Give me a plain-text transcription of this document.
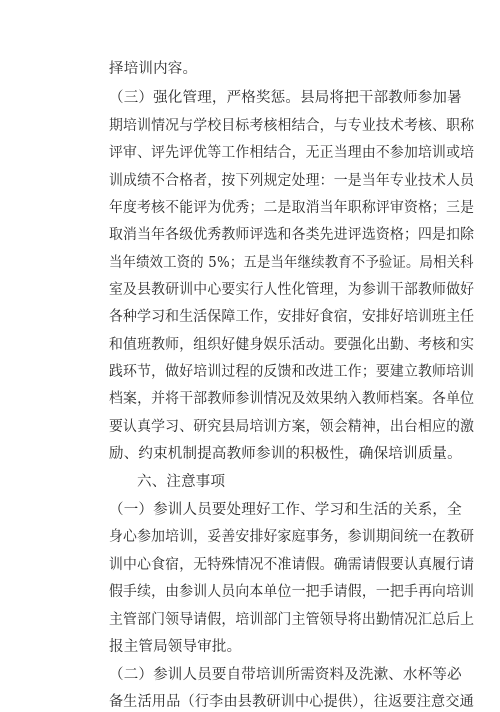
择培训内容。
（三）强化管理，严格奖惩。县局将把干部教师参加暑
期培训情况与学校目标考核相结合，与专业技术考核、职称
评审、评先评优等工作相结合，无正当理由不参加培训或培
训成绩不合格者，按下列规定处理：一是当年专业技术人员
年度考核不能评为优秀；二是取消当年职称评审资格；三是
取消当年各级优秀教师评选和各类先进评选资格；四是扣除
当年绩效工资的 5%；五是当年继续教育不予验证。局相关科
室及县教研训中心要实行人性化管理，为参训干部教师做好
各种学习和生活保障工作，安排好食宿，安排好培训班主任
和值班教师，组织好健身娱乐活动。要强化出勤、考核和实
践环节，做好培训过程的反馈和改进工作；要建立教师培训
档案，并将干部教师参训情况及效果纳入教师档案。各单位
要认真学习、研究县局培训方案，领会精神，出台相应的激
励、约束机制提高教师参训的积极性，确保培训质量。
六、注意事项
（一）参训人员要处理好工作、学习和生活的关系，全
身心参加培训，妥善安排好家庭事务，参训期间统一在教研
训中心食宿，无特殊情况不准请假。确需请假要认真履行请
假手续，由参训人员向本单位一把手请假，一把手再向培训
主管部门领导请假，培训部门主管领导将出勤情况汇总后上
报主管局领导审批。
（二）参训人员要自带培训所需资料及洗漱、水杯等必
备生活用品（行李由县教研训中心提供），往返要注意交通
